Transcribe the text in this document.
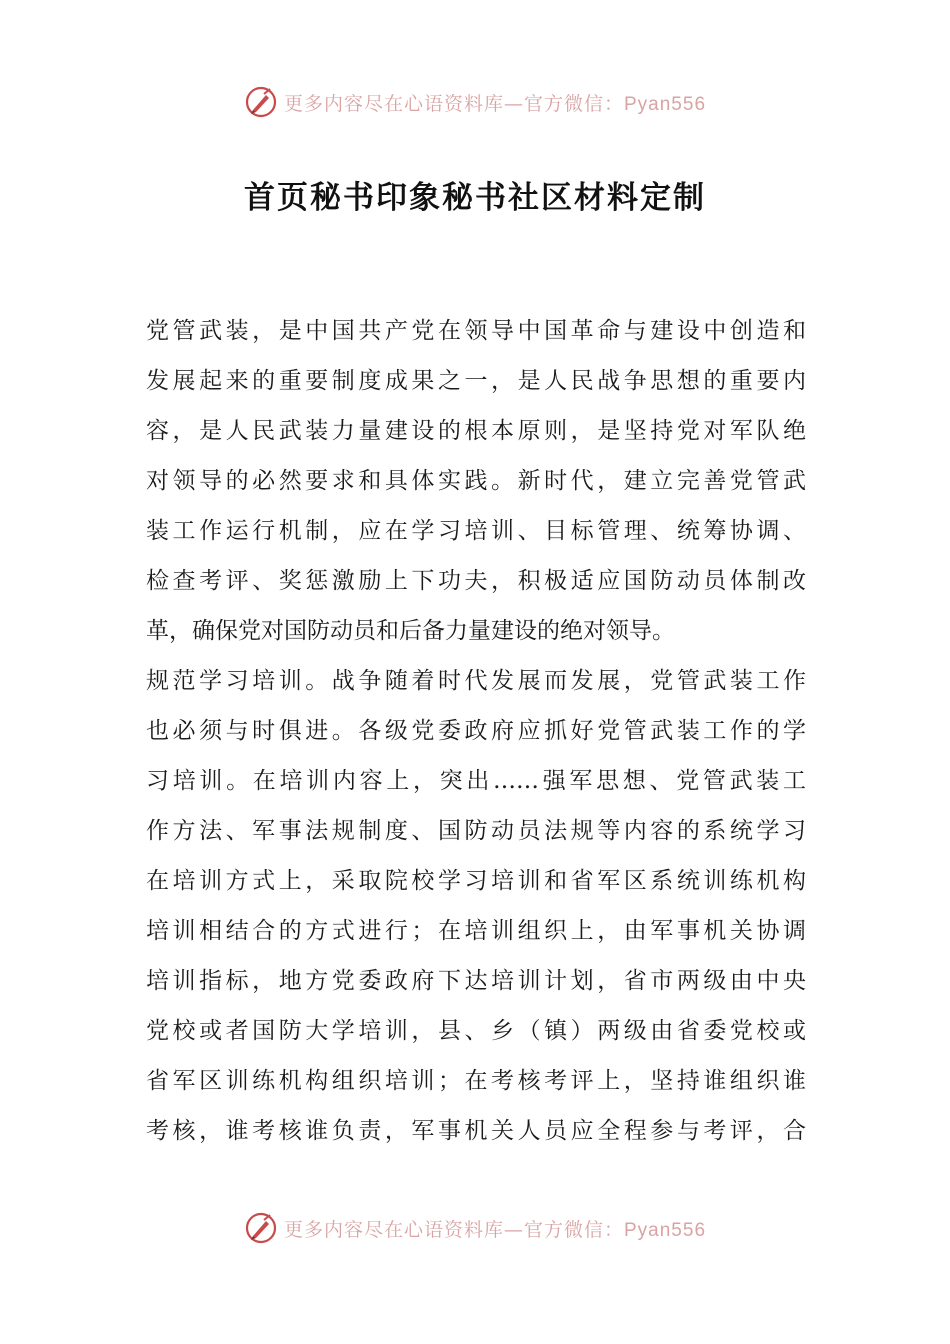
更多内容尽在心语资料库—官方微信：Pyan556
首页秘书印象秘书社区材料定制
党管武装，是中国共产党在领导中国革命与建设中创造和
发展起来的重要制度成果之一，是人民战争思想的重要内
容，是人民武装力量建设的根本原则，是坚持党对军队绝
对领导的必然要求和具体实践。新时代，建立完善党管武
装工作运行机制，应在学习培训、目标管理、统筹协调、
检查考评、奖惩激励上下功夫，积极适应国防动员体制改
革，确保党对国防动员和后备力量建设的绝对领导。
规范学习培训。战争随着时代发展而发展，党管武装工作
也必须与时俱进。各级党委政府应抓好党管武装工作的学
习培训。在培训内容上，突出……强军思想、党管武装工
作方法、军事法规制度、国防动员法规等内容的系统学习
在培训方式上，采取院校学习培训和省军区系统训练机构
培训相结合的方式进行；在培训组织上，由军事机关协调
培训指标，地方党委政府下达培训计划，省市两级由中央
党校或者国防大学培训，县、乡（镇）两级由省委党校或
省军区训练机构组织培训；在考核考评上，坚持谁组织谁
考核，谁考核谁负责，军事机关人员应全程参与考评，合
更多内容尽在心语资料库—官方微信：Pyan556
